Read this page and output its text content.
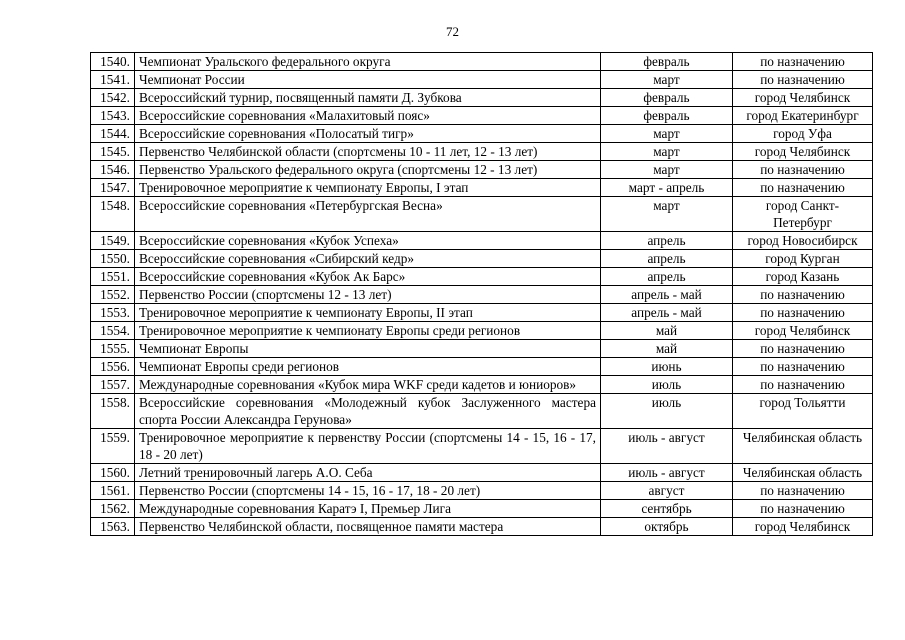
72
1540.	Чемпионат Уральского федерального округа	февраль	по назначению
1541.	Чемпионат России	март	по назначению
1542.	Всероссийский турнир, посвященный памяти Д. Зубкова	февраль	город Челябинск
1543.	Всероссийские соревнования «Малахитовый пояс»	февраль	город Екатеринбург
1544.	Всероссийские соревнования «Полосатый тигр»	март	город Уфа
1545.	Первенство Челябинской области (спортсмены 10 - 11 лет, 12 - 13 лет)	март	город Челябинск
1546.	Первенство Уральского федерального округа (спортсмены 12 - 13 лет)	март	по назначению
1547.	Тренировочное мероприятие к чемпионату Европы, I этап	март - апрель	по назначению
1548.	Всероссийские соревнования «Петербургская Весна»	март	город Санкт-Петербург
1549.	Всероссийские соревнования «Кубок Успеха»	апрель	город Новосибирск
1550.	Всероссийские соревнования «Сибирский кедр»	апрель	город Курган
1551.	Всероссийские соревнования «Кубок Ак Барс»	апрель	город Казань
1552.	Первенство России (спортсмены 12 - 13 лет)	апрель - май	по назначению
1553.	Тренировочное мероприятие к чемпионату Европы, II этап	апрель - май	по назначению
1554.	Тренировочное мероприятие к чемпионату Европы среди регионов	май	город Челябинск
1555.	Чемпионат Европы	май	по назначению
1556.	Чемпионат Европы среди регионов	июнь	по назначению
1557.	Международные соревнования «Кубок мира WKF среди кадетов и юниоров»	июль	по назначению
1558.	Всероссийские соревнования «Молодежный кубок Заслуженного мастера спорта России Александра Герунова»	июль	город Тольятти
1559.	Тренировочное мероприятие к первенству России (спортсмены 14 - 15, 16 - 17, 18 - 20 лет)	июль - август	Челябинская область
1560.	Летний тренировочный лагерь А.О. Себа	июль - август	Челябинская область
1561.	Первенство России (спортсмены 14 - 15, 16 - 17, 18 - 20 лет)	август	по назначению
1562.	Международные соревнования Каратэ I, Премьер Лига	сентябрь	по назначению
1563.	Первенство Челябинской области, посвященное памяти мастера	октябрь	город Челябинск
